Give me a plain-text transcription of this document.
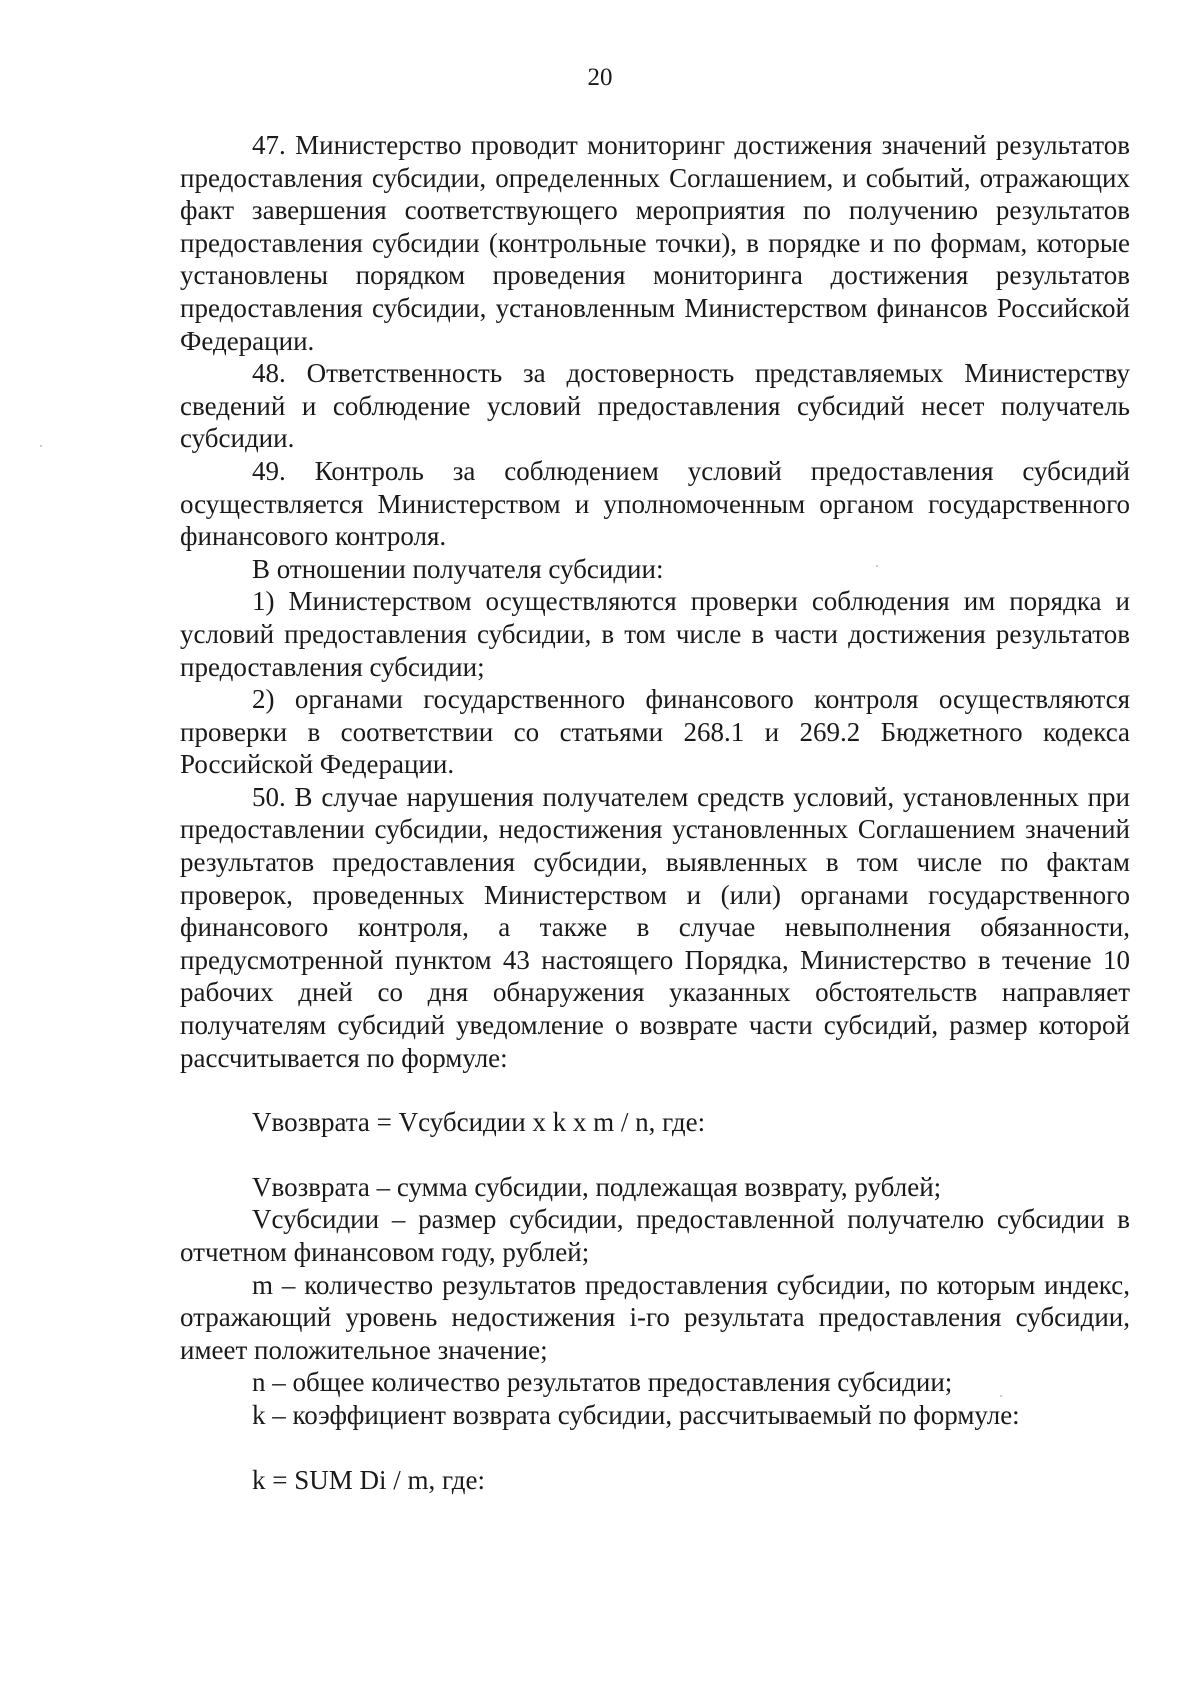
20

47. Министерство проводит мониторинг достижения значений результатов предоставления субсидии, определенных Соглашением, и событий, отражающих факт завершения соответствующего мероприятия по получению результатов предоставления субсидии (контрольные точки), в порядке и по формам, которые установлены порядком проведения мониторинга достижения результатов предоставления субсидии, установленным Министерством финансов Российской Федерации.

48. Ответственность за достоверность представляемых Министерству сведений и соблюдение условий предоставления субсидий несет получатель субсидии.

49. Контроль за соблюдением условий предоставления субсидий осуществляется Министерством и уполномоченным органом государственного финансового контроля.

В отношении получателя субсидии:

1) Министерством осуществляются проверки соблюдения им порядка и условий предоставления субсидии, в том числе в части достижения результатов предоставления субсидии;

2) органами государственного финансового контроля осуществляются проверки в соответствии со статьями 268.1 и 269.2 Бюджетного кодекса Российской Федерации.

50. В случае нарушения получателем средств условий, установленных при предоставлении субсидии, недостижения установленных Соглашением значений результатов предоставления субсидии, выявленных в том числе по фактам проверок, проведенных Министерством и (или) органами государственного финансового контроля, а также в случае невыполнения обязанности, предусмотренной пунктом 43 настоящего Порядка, Министерство в течение 10 рабочих дней со дня обнаружения указанных обстоятельств направляет получателям субсидий уведомление о возврате части субсидий, размер которой рассчитывается по формуле:

Vвозврата = Vсубсидии x k x m / n, где:

Vвозврата – сумма субсидии, подлежащая возврату, рублей;

Vсубсидии – размер субсидии, предоставленной получателю субсидии в отчетном финансовом году, рублей;

m – количество результатов предоставления субсидии, по которым индекс, отражающий уровень недостижения i-го результата предоставления субсидии, имеет положительное значение;

n – общее количество результатов предоставления субсидии;

k – коэффициент возврата субсидии, рассчитываемый по формуле:

k = SUM Di / m, где:
